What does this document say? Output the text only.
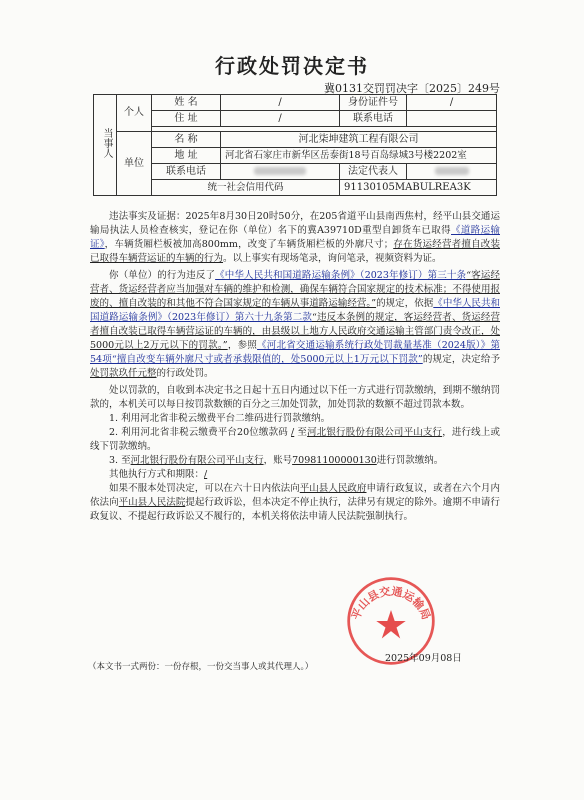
行政处罚决定书
冀0131交罚罚决字〔2025〕249号
当事人	个人	姓 名	/	身份证件号	/
		住 址	/	联系电话	

	单位	名 称	河北柒坤建筑工程有限公司		
		地 址	河北省石家庄市新华区岳泰街18号百岛绿城3号楼2202室		
		联系电话		法定代表人	
		统一社会信用代码		91130105MABULREA3K	

违法事实及证据：2025年8月30日20时50分，在205省道平山县南西焦村，经平山县交通运输局执法人员检查核实，登记在你（单位）名下的冀A39710D重型自卸货车已取得《道路运输证》，车辆货厢栏板被加高800mm，改变了车辆货厢栏板的外廓尺寸；存在货运经营者擅自改装已取得车辆营运证的车辆的行为。以上事实有现场笔录，询问笔录，视频资料为证。

你（单位）的行为违反了《中华人民共和国道路运输条例》（2023年修订）第三十条“客运经营者、货运经营者应当加强对车辆的维护和检测，确保车辆符合国家规定的技术标准；不得使用报废的、擅自改装的和其他不符合国家规定的车辆从事道路运输经营。”的规定，依据《中华人民共和国道路运输条例》（2023年修订）第六十九条第二款“违反本条例的规定，客运经营者、货运经营者擅自改装已取得车辆营运证的车辆的，由县级以上地方人民政府交通运输主管部门责令改正，处5000元以上2万元以下的罚款。”，参照《河北省交通运输系统行政处罚裁量基准（2024版）》第54项“擅自改变车辆外廓尺寸或者承载限值的，处5000元以上1万元以下罚款”的规定，决定给予处罚款玖仟元整的行政处罚。

处以罚款的，自收到本决定书之日起十五日内通过以下任一方式进行罚款缴纳，到期不缴纳罚款的，本机关可以每日按罚款数额的百分之三加处罚款，加处罚款的数额不超过罚款本数。

1. 利用河北省非税云缴费平台二维码进行罚款缴纳。

2. 利用河北省非税云缴费平台20位缴款码 / 至河北银行股份有限公司平山支行，进行线上或线下罚款缴纳。

3. 至河北银行股份有限公司平山支行，账号70981100000130进行罚款缴纳。

其他执行方式和期限：/

如果不服本处罚决定，可以在六十日内依法向平山县人民政府申请行政复议，或者在六个月内依法向平山县人民法院提起行政诉讼，但本决定不停止执行，法律另有规定的除外。逾期不申请行政复议、不提起行政诉讼又不履行的，本机关将依法申请人民法院强制执行。

平山县交通运输局
2025年09月08日
（本文书一式两份：一份存根，一份交当事人或其代理人。）
